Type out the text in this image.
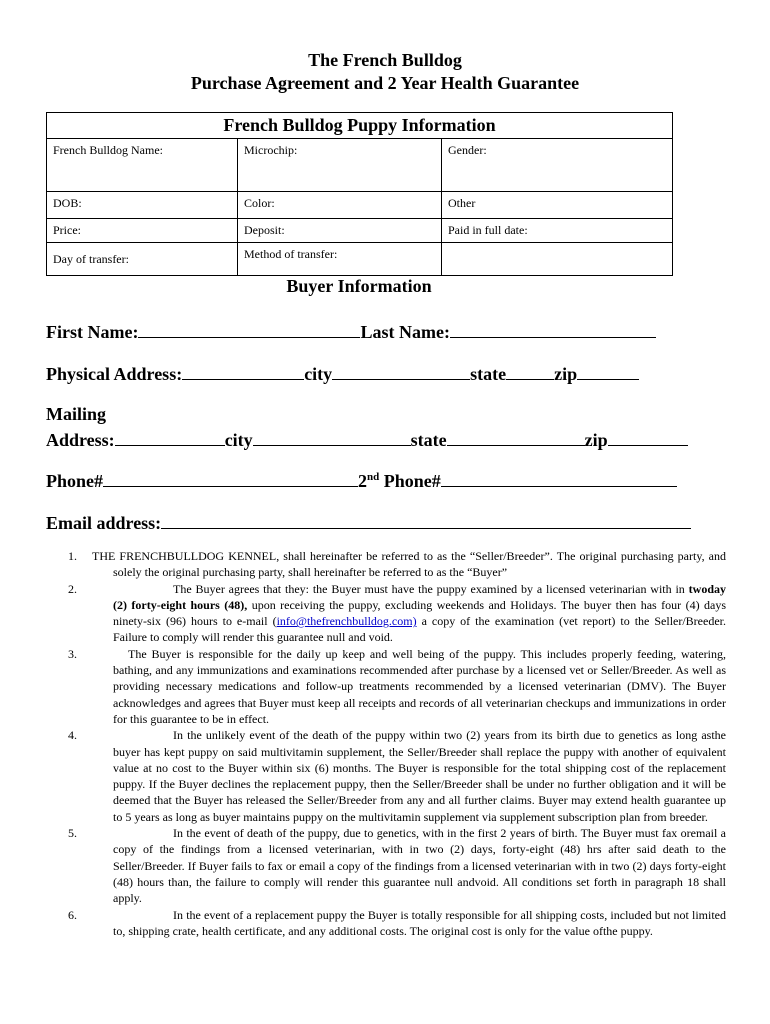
The French Bulldog
Purchase Agreement and 2 Year Health Guarantee
French Bulldog Puppy Information		
French Bulldog Name:	Microchip:	Gender:
DOB:	Color:	Other
Price:	Deposit:	Paid in full date:
Day of transfer:	Method of transfer:	
Buyer Information
First Name:	Last Name:
Physical Address:	city	state	zip
Mailing
Address:	city	state	zip
Phone#	2nd Phone#
Email address:
1. THE FRENCHBULLDOG KENNEL, shall hereinafter be referred to as the “Seller/Breeder”. The original purchasing party, and solely the original purchasing party, shall hereinafter be referred to as the “Buyer”
2.	The Buyer agrees that they: the Buyer must have the puppy examined by a licensed veterinarian with in twoday (2) forty-eight hours (48), upon receiving the puppy, excluding weekends and Holidays. The buyer then has four (4) days ninety-six (96) hours to e-mail (info@thefrenchbulldog.com) a copy of the examination (vet report) to the Seller/Breeder. Failure to comply will render this guarantee null and void.
3.	The Buyer is responsible for the daily up keep and well being of the puppy. This includes properly feeding, watering, bathing, and any immunizations and examinations recommended after purchase by a licensed vet or Seller/Breeder. As well as providing necessary medications and follow-up treatments recommended by a licensed veterinarian (DMV). The Buyer acknowledges and agrees that Buyer must keep all receipts and records of all veterinarian checkups and immunizations in order for this guarantee to be in effect.
4.	In the unlikely event of the death of the puppy within two (2) years from its birth due to genetics as long asthe buyer has kept puppy on said multivitamin supplement, the Seller/Breeder shall replace the puppy with another of equivalent value at no cost to the Buyer within six (6) months. The Buyer is responsible for the total shipping cost of the replacement puppy. If the Buyer declines the replacement puppy, then the Seller/Breeder shall be under no further obligation and it will be deemed that the Buyer has released the Seller/Breeder from any and all further claims. Buyer may extend health guarantee up to 5 years as long as buyer maintains puppy on the multivitamin supplement via supplement subscription plan from breeder.
5.	In the event of death of the puppy, due to genetics, with in the first 2 years of birth. The Buyer must fax oremail a copy of the findings from a licensed veterinarian, with in two (2) days, forty-eight (48) hrs after said death to the Seller/Breeder. If Buyer fails to fax or email a copy of the findings from a licensed veterinarian with in two (2) days forty-eight (48) hours than, the failure to comply will render this guarantee null andvoid. All conditions set forth in paragraph 18 shall apply.
6.	In the event of a replacement puppy the Buyer is totally responsible for all shipping costs, included but not limited to, shipping crate, health certificate, and any additional costs. The original cost is only for the value ofthe puppy.
